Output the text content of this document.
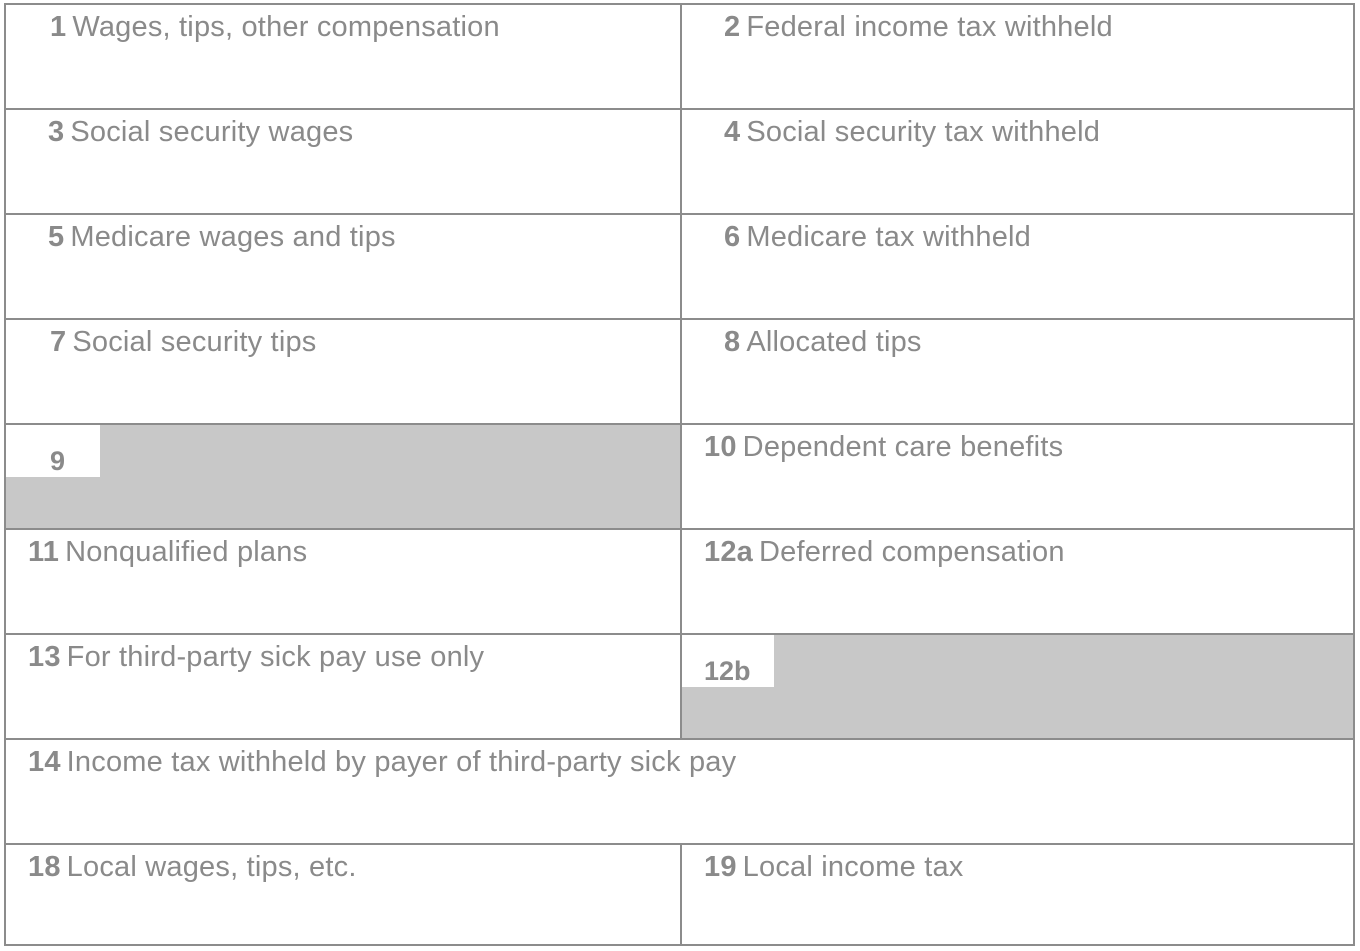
1 Wages, tips, other compensation	2 Federal income tax withheld
3 Social security wages	4 Social security tax withheld
5 Medicare wages and tips	6 Medicare tax withheld
7 Social security tips	8 Allocated tips
9	10 Dependent care benefits
11 Nonqualified plans	12a Deferred compensation
13 For third-party sick pay use only	12b
14 Income tax withheld by payer of third-party sick pay
18 Local wages, tips, etc.	19 Local income tax
